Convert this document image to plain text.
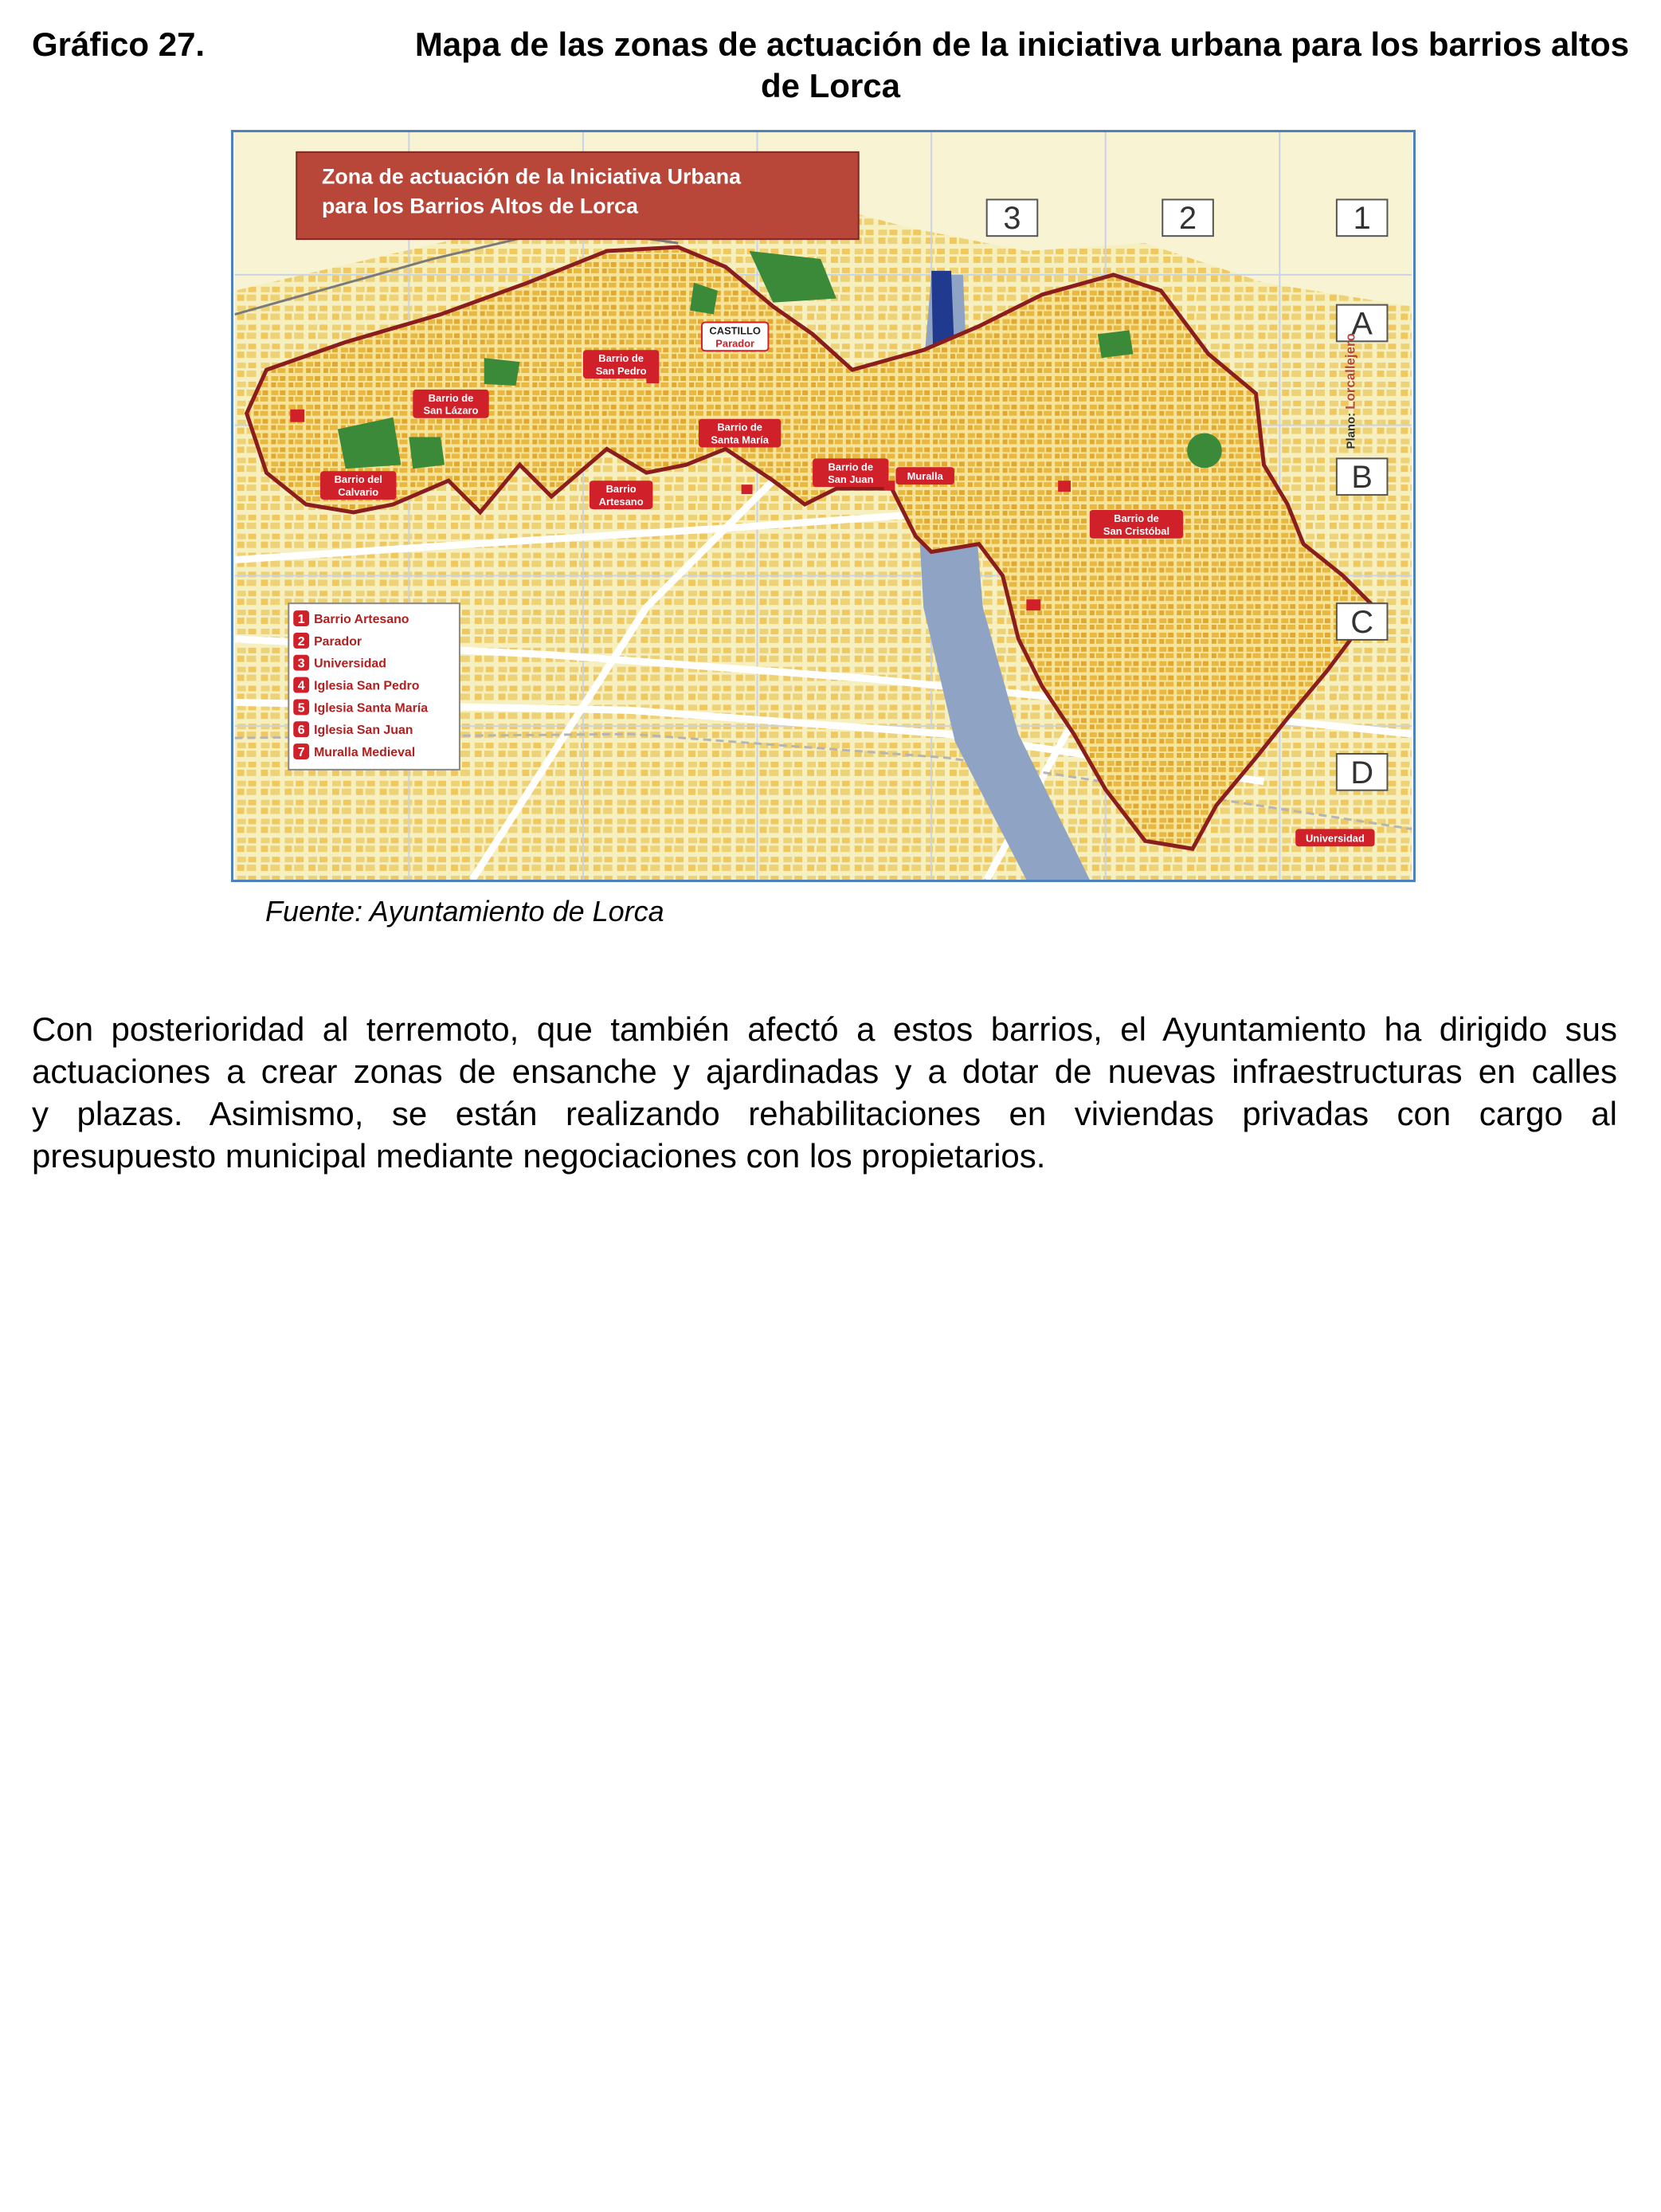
Gráfico 27.	Mapa de las zonas de actuación de la iniciativa urbana para los barrios altos
de Lorca
Zona de actuación de la Iniciativa Urbana
para los Barrios Altos de Lorca	3	2	1
A
B
C
D
Plano:
Lorcallejero
Barrio del
Calvario
Barrio de
San Lázaro
Barrio de
San Pedro
CASTILLO
Parador
Barrio
Artesano
Barrio de
Santa María
Barrio de
San Juan	Muralla
Barrio de
San Cristóbal
Universidad
1 Barrio Artesano
2 Parador
3 Universidad
4 Iglesia San Pedro
5 Iglesia Santa María
6 Iglesia San Juan
7 Muralla Medieval
Fuente: Ayuntamiento de Lorca
Con posterioridad al terremoto, que también afectó a estos barrios, el Ayuntamiento ha dirigido sus
actuaciones a crear zonas de ensanche y ajardinadas y a dotar de nuevas infraestructuras en calles
y plazas. Asimismo, se están realizando rehabilitaciones en viviendas privadas con cargo al
presupuesto municipal mediante negociaciones con los propietarios.
